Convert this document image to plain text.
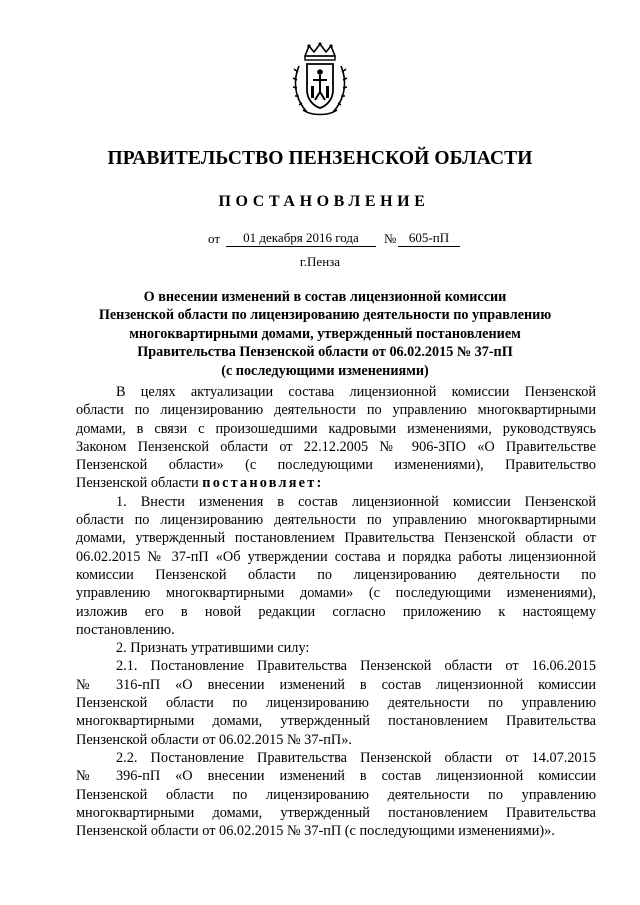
ПРАВИТЕЛЬСТВО ПЕНЗЕНСКОЙ ОБЛАСТИ
ПОСТАНОВЛЕНИЕ
от	01 декабря 2016 года	№ 605-пП
г.Пенза
О внесении изменений в состав лицензионной комиссии
Пензенской области по лицензированию деятельности по управлению
многоквартирными домами, утвержденный постановлением
Правительства Пензенской области от 06.02.2015 № 37-пП
(с последующими изменениями)
В целях актуализации состава лицензионной комиссии Пензенской
области по лицензированию деятельности по управлению многоквартирными
домами, в связи с произошедшими кадровыми изменениями, руководствуясь
Законом Пензенской области от 22.12.2005 № 906-ЗПО «О Правительстве
Пензенской области» (с последующими изменениями), Правительство
Пензенской области постановляет:
1. Внести изменения в состав лицензионной комиссии Пензенской
области по лицензированию деятельности по управлению многоквартирными
домами, утвержденный постановлением Правительства Пензенской области от
06.02.2015 № 37-пП «Об утверждении состава и порядка работы лицензионной
комиссии Пензенской области по лицензированию деятельности по
управлению многоквартирными домами» (с последующими изменениями),
изложив его в новой редакции согласно приложению к настоящему
постановлению.
2. Признать утратившими силу:
2.1. Постановление Правительства Пензенской области от 16.06.2015
№ 316-пП «О внесении изменений в состав лицензионной комиссии
Пензенской области по лицензированию деятельности по управлению
многоквартирными домами, утвержденный постановлением Правительства
Пензенской области от 06.02.2015 № 37-пП».
2.2. Постановление Правительства Пензенской области от 14.07.2015
№ 396-пП «О внесении изменений в состав лицензионной комиссии
Пензенской области по лицензированию деятельности по управлению
многоквартирными домами, утвержденный постановлением Правительства
Пензенской области от 06.02.2015 № 37-пП (с последующими изменениями)».
